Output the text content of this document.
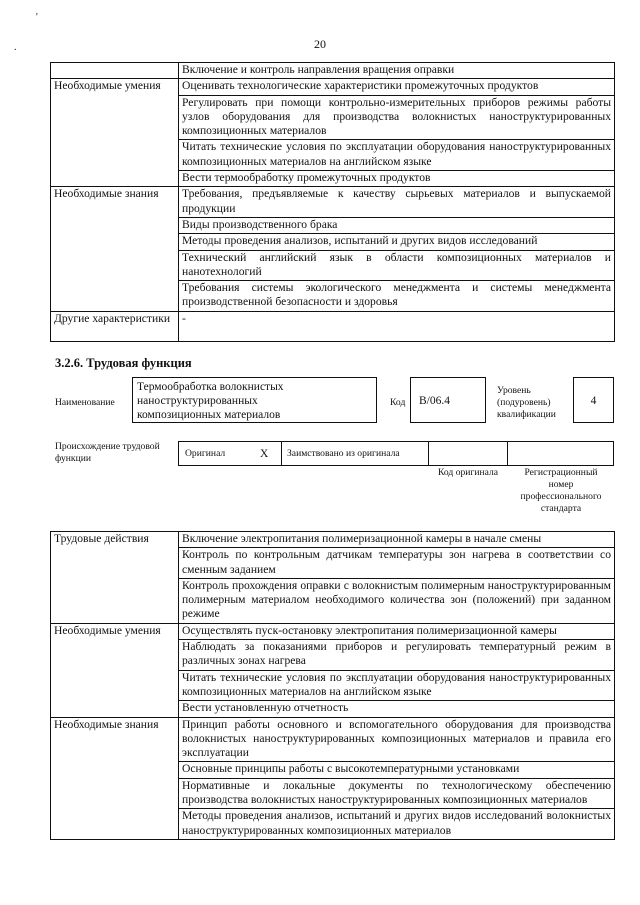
'
.	20
	Включение и контроль направления вращения оправки
Необходимые умения	Оценивать технологические характеристики промежуточных продуктов
	Регулировать при помощи контрольно-измерительных приборов режимы работы узлов оборудования для производства волокнистых наноструктурированных композиционных материалов
	Читать технические условия по эксплуатации оборудования наноструктурированных композиционных материалов на английском языке
	Вести термообработку промежуточных продуктов
Необходимые знания	Требования, предъявляемые к качеству сырьевых материалов и выпускаемой продукции
	Виды производственного брака
	Методы проведения анализов, испытаний и других видов исследований
	Технический английский язык в области композиционных материалов и нанотехнологий
	Требования системы экологического менеджмента и системы менеджмента производственной безопасности и здоровья
Другие характеристики	-
3.2.6. Трудовая функция
Наименование
Термообработка волокнистых наноструктурированных композиционных материалов
Код	В/06.4
Уровень (подуровень) квалификации
4
Происхождение трудовой функции	Оригинал	X Заимствовано из оригинала
Код оригинала	Регистрационный номер профессионального стандарта
Трудовые действия	Включение электропитания полимеризационной камеры в начале смены
	Контроль по контрольным датчикам температуры зон нагрева в соответствии со сменным заданием
	Контроль прохождения оправки с волокнистым полимерным наноструктурированным полимерным материалом необходимого количества зон (положений) при заданном режиме
Необходимые умения	Осуществлять пуск-остановку электропитания полимеризационной камеры
	Наблюдать за показаниями приборов и регулировать температурный режим в различных зонах нагрева
	Читать технические условия по эксплуатации оборудования наноструктурированных композиционных материалов на английском языке
	Вести установленную отчетность
Необходимые знания	Принцип работы основного и вспомогательного оборудования для производства волокнистых наноструктурированных композиционных материалов и правила его эксплуатации
	Основные принципы работы с высокотемпературными установками
	Нормативные и локальные документы по технологическому обеспечению производства волокнистых наноструктурированных композиционных материалов
	Методы проведения анализов, испытаний и других видов исследований волокнистых наноструктурированных композиционных материалов
